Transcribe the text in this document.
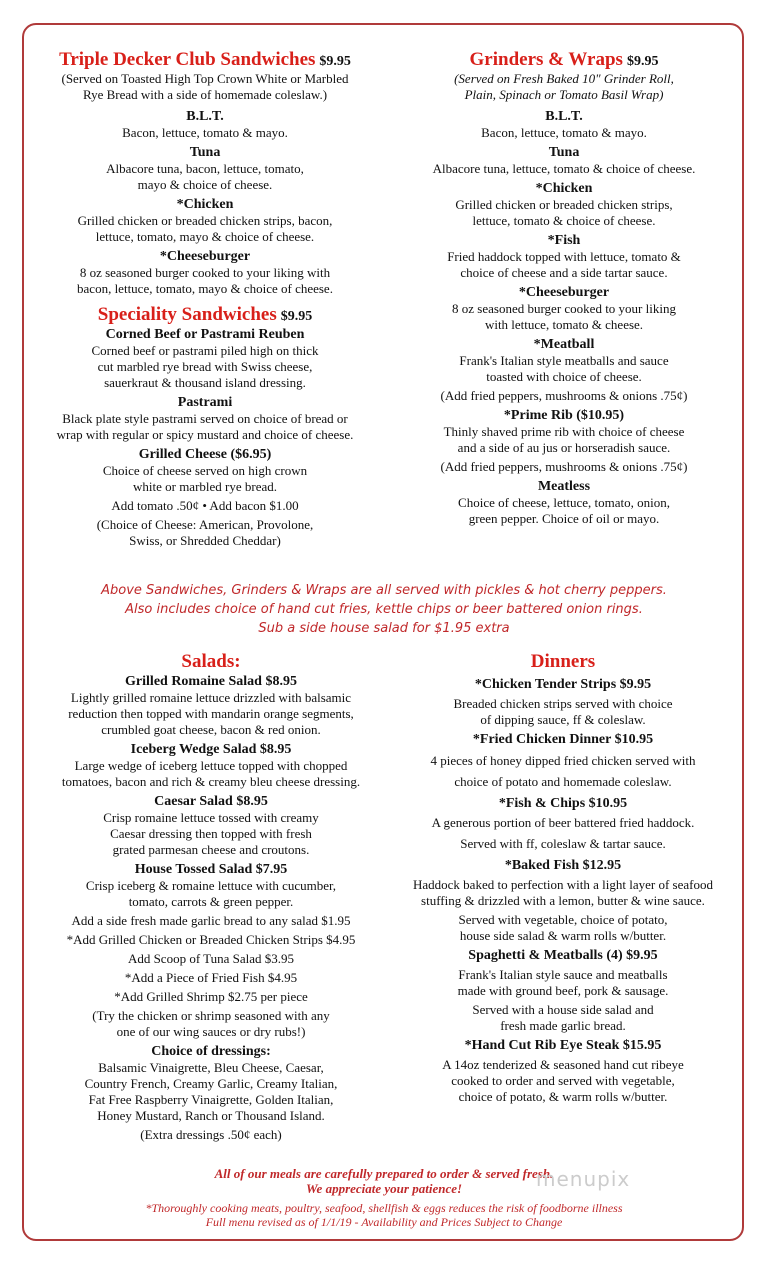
Triple Decker Club Sandwiches $9.95

(Served on Toasted High Top Crown White or Marbled

Rye Bread with a side of homemade coleslaw.)

B.L.T.

Bacon, lettuce, tomato & mayo.

Tuna

Albacore tuna, bacon, lettuce, tomato,

mayo & choice of cheese.

*Chicken

Grilled chicken or breaded chicken strips, bacon,

lettuce, tomato, mayo & choice of cheese.

*Cheeseburger

8 oz seasoned burger cooked to your liking with

bacon, lettuce, tomato, mayo & choice of cheese.

Speciality Sandwiches $9.95

Corned Beef or Pastrami Reuben

Corned beef or pastrami piled high on thick

cut marbled rye bread with Swiss cheese,

sauerkraut & thousand island dressing.

Pastrami

Black plate style pastrami served on choice of bread or

wrap with regular or spicy mustard and choice of cheese.

Grilled Cheese ($6.95)

Choice of cheese served on high crown

white or marbled rye bread.

Add tomato .50¢ • Add bacon $1.00

(Choice of Cheese: American, Provolone,

Swiss, or Shredded Cheddar)

Grinders & Wraps $9.95

(Served on Fresh Baked 10" Grinder Roll,

Plain, Spinach or Tomato Basil Wrap)

B.L.T.

Bacon, lettuce, tomato & mayo.

Tuna

Albacore tuna, lettuce, tomato & choice of cheese.

*Chicken

Grilled chicken or breaded chicken strips,

lettuce, tomato & choice of cheese.

*Fish

Fried haddock topped with lettuce, tomato &

choice of cheese and a side tartar sauce.

*Cheeseburger

8 oz seasoned burger cooked to your liking

with lettuce, tomato & cheese.

*Meatball

Frank's Italian style meatballs and sauce

toasted with choice of cheese.

(Add fried peppers, mushrooms & onions .75¢)

*Prime Rib ($10.95)

Thinly shaved prime rib with choice of cheese

and a side of au jus or horseradish sauce.

(Add fried peppers, mushrooms & onions .75¢)

Meatless

Choice of cheese, lettuce, tomato, onion,

green pepper. Choice of oil or mayo.

Above Sandwiches, Grinders & Wraps are all served with pickles & hot cherry peppers.
Also includes choice of hand cut fries, kettle chips or beer battered onion rings.
Sub a side house salad for $1.95 extra

Salads:

Grilled Romaine Salad $8.95

Lightly grilled romaine lettuce drizzled with balsamic

reduction then topped with mandarin orange segments,

crumbled goat cheese, bacon & red onion.

Iceberg Wedge Salad $8.95

Large wedge of iceberg lettuce topped with chopped

tomatoes, bacon and rich & creamy bleu cheese dressing.

Caesar Salad $8.95

Crisp romaine lettuce tossed with creamy

Caesar dressing then topped with fresh

grated parmesan cheese and croutons.

House Tossed Salad $7.95

Crisp iceberg & romaine lettuce with cucumber,

tomato, carrots & green pepper.

Add a side fresh made garlic bread to any salad $1.95

*Add Grilled Chicken or Breaded Chicken Strips $4.95

Add Scoop of Tuna Salad $3.95

*Add a Piece of Fried Fish $4.95

*Add Grilled Shrimp $2.75 per piece

(Try the chicken or shrimp seasoned with any

one of our wing sauces or dry rubs!)

Choice of dressings:

Balsamic Vinaigrette, Bleu Cheese, Caesar,

Country French, Creamy Garlic, Creamy Italian,

Fat Free Raspberry Vinaigrette, Golden Italian,

Honey Mustard, Ranch or Thousand Island.

(Extra dressings .50¢ each)

Dinners

*Chicken Tender Strips $9.95

Breaded chicken strips served with choice

of dipping sauce, ff & coleslaw.

*Fried Chicken Dinner $10.95

4 pieces of honey dipped fried chicken served with

choice of potato and homemade coleslaw.

*Fish & Chips $10.95

A generous portion of beer battered fried haddock.

Served with ff, coleslaw & tartar sauce.

*Baked Fish $12.95

Haddock baked to perfection with a light layer of seafood

stuffing & drizzled with a lemon, butter & wine sauce.

Served with vegetable, choice of potato,

house side salad & warm rolls w/butter.

Spaghetti & Meatballs (4) $9.95

Frank's Italian style sauce and meatballs

made with ground beef, pork & sausage.

Served with a house side salad and

fresh made garlic bread.

*Hand Cut Rib Eye Steak $15.95

A 14oz tenderized & seasoned hand cut ribeye

cooked to order and served with vegetable,

choice of potato, & warm rolls w/butter.

All of our meals are carefully prepared to order & served fresh.
We appreciate your patience!
*Thoroughly cooking meats, poultry, seafood, shellfish & eggs reduces the risk of foodborne illness
Full menu revised as of 1/1/19 - Availability and Prices Subject to Change
menupix
